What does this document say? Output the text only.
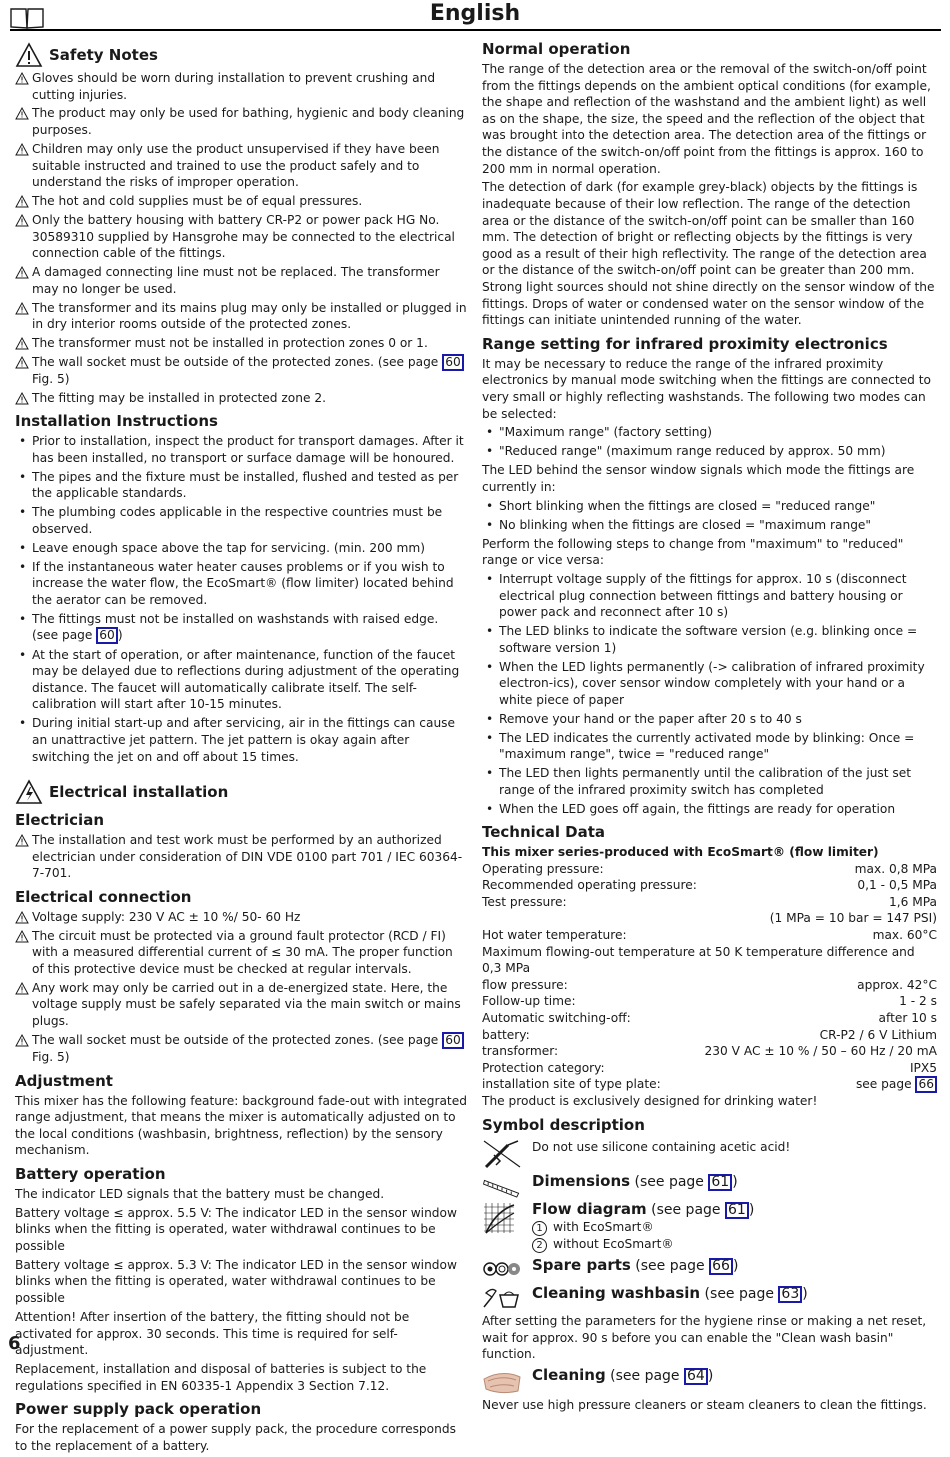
English
Safety Notes
Gloves should be worn during installation to prevent crushing and cutting injuries.
The product may only be used for bathing, hygienic and body cleaning purposes.
Children may only use the product unsupervised if they have been suitable instructed and trained to use the product safely and to understand the risks of improper operation.
The hot and cold supplies must be of equal pressures.
Only the battery housing with battery CR-P2 or power pack HG No. 30589310 supplied by Hansgrohe may be connected to the electrical connection cable of the fittings.
A damaged connecting line must not be replaced. The transformer may no longer be used.
The transformer and its mains plug may only be installed or plugged in in dry interior rooms outside of the protected zones.
The transformer must not be installed in protection zones 0 or 1.
The wall socket must be outside of the protected zones. (see page 60 Fig. 5)
The fitting may be installed in protected zone 2.
Installation Instructions
• Prior to installation, inspect the product for transport damages. After it has been installed, no transport or surface damage will be honoured.
• The pipes and the fixture must be installed, flushed and tested as per the applicable standards.
• The plumbing codes applicable in the respective countries must be observed.
• Leave enough space above the tap for servicing. (min. 200 mm)
• If the instantaneous water heater causes problems or if you wish to increase the water flow, the EcoSmart® (flow limiter) located behind the aerator can be removed.
• The fittings must not be installed on washstands with raised edge. (see page 60 )
• At the start of operation, or after maintenance, function of the faucet may be delayed due to reflections during adjustment of the operating distance. The faucet will automatically calibrate itself. The self-calibration will start after 10-15 minutes.
• During initial start-up and after servicing, air in the fittings can cause an unattractive jet pattern. The jet pattern is okay again after switching the jet on and off about 15 times.
Electrical installation
Electrician
The installation and test work must be performed by an authorized electrician under consideration of DIN VDE 0100 part 701 / IEC 60364-7-701.
Electrical connection
Voltage supply: 230 V AC ± 10 %/ 50- 60 Hz
The circuit must be protected via a ground fault protector (RCD / FI) with a measured differential current of ≤ 30 mA. The proper function of this protective device must be checked at regular intervals.
Any work may only be carried out in a de-energized state. Here, the voltage supply must be safely separated via the main switch or mains plugs.
The wall socket must be outside of the protected zones. (see page 60 Fig. 5)
Adjustment
This mixer has the following feature: background fade-out with integrated range adjustment, that means the mixer is automatically adjusted on to the local conditions (washbasin, brightness, reflection) by the sensory mechanism.
Battery operation
The indicator LED signals that the battery must be changed.
Battery voltage ≤ approx. 5.5 V: The indicator LED in the sensor window blinks when the fitting is operated, water withdrawal continues to be possible
Battery voltage ≤ approx. 5.3 V: The indicator LED in the sensor window blinks when the fitting is operated, water withdrawal continues to be possible
Attention! After insertion of the battery, the fitting should not be activated for approx. 30 seconds. This time is required for self-adjustment.
Replacement, installation and disposal of batteries is subject to the regulations specified in EN 60335-1 Appendix 3 Section 7.12.
Power supply pack operation
For the replacement of a power supply pack, the procedure corresponds to the replacement of a battery.
Normal operation
The range of the detection area or the removal of the switch-on/off point from the fittings depends on the ambient optical conditions (for example, the shape and reflection of the washstand and the ambient light) as well as on the shape, the size, the speed and the reflection of the object that was brought into the detection area. The detection area of the fittings or the distance of the switch-on/off point from the fittings is approx. 160 to 200 mm in normal operation.
The detection of dark (for example grey-black) objects by the fittings is inadequate because of their low reflection. The range of the detection area or the distance of the switch-on/off point can be smaller than 160 mm. The detection of bright or reflecting objects by the fittings is very good as a result of their high reflectivity. The range of the detection area or the distance of the switch-on/off point can be greater than 200 mm. Strong light sources should not shine directly on the sensor window of the fittings. Drops of water or condensed water on the sensor window of the fittings can initiate unintended running of the water.
Range setting for infrared proximity electronics
It may be necessary to reduce the range of the infrared proximity electronics by manual mode switching when the fittings are connected to very small or highly reflecting washstands. The following two modes can be selected:
• "Maximum range" (factory setting)
• "Reduced range" (maximum range reduced by approx. 50 mm)
The LED behind the sensor window signals which mode the fittings are currently in:
• Short blinking when the fittings are closed = "reduced range"
• No blinking when the fittings are closed = "maximum range"
Perform the following steps to change from "maximum" to "reduced" range or vice versa:
• Interrupt voltage supply of the fittings for approx. 10 s (disconnect electrical plug connection between fittings and battery housing or power pack and reconnect after 10 s)
• The LED blinks to indicate the software version (e.g. blinking once = software version 1)
• When the LED lights permanently (-> calibration of infrared proximity electron-ics), cover sensor window completely with your hand or a white piece of paper
• Remove your hand or the paper after 20 s to 40 s
• The LED indicates the currently activated mode by blinking: Once = "maximum range", twice = "reduced range"
• The LED then lights permanently until the calibration of the just set range of the infrared proximity switch has completed
• When the LED goes off again, the fittings are ready for operation
Technical Data
This mixer series-produced with EcoSmart® (flow limiter)
Operating pressure:	max. 0,8 MPa
Recommended operating pressure:	0,1 - 0,5 MPa
Test pressure:	1,6 MPa
(1 MPa = 10 bar = 147 PSI)
Hot water temperature:	max. 60°C
Maximum flowing-out temperature at 50 K temperature difference and 0,3 MPa
flow pressure:	approx. 42°C
Follow-up time:	1 - 2 s
Automatic switching-off:	after 10 s
battery:	CR-P2 / 6 V Lithium
transformer:	230 V AC ± 10 % / 50 – 60 Hz / 20 mA
Protection category:	IPX5
installation site of type plate:	see page 66
The product is exclusively designed for drinking water!
Symbol description
Do not use silicone containing acetic acid!
Dimensions (see page 61 )
Flow diagram (see page 61 )
1 with EcoSmart®
2 without EcoSmart®
Spare parts (see page 66 )
Cleaning washbasin (see page 63 )
After setting the parameters for the hygiene rinse or making a net reset, wait for approx. 90 s before you can enable the "Clean wash basin" function.
Cleaning (see page 64 )
Never use high pressure cleaners or steam cleaners to clean the fittings.
6
